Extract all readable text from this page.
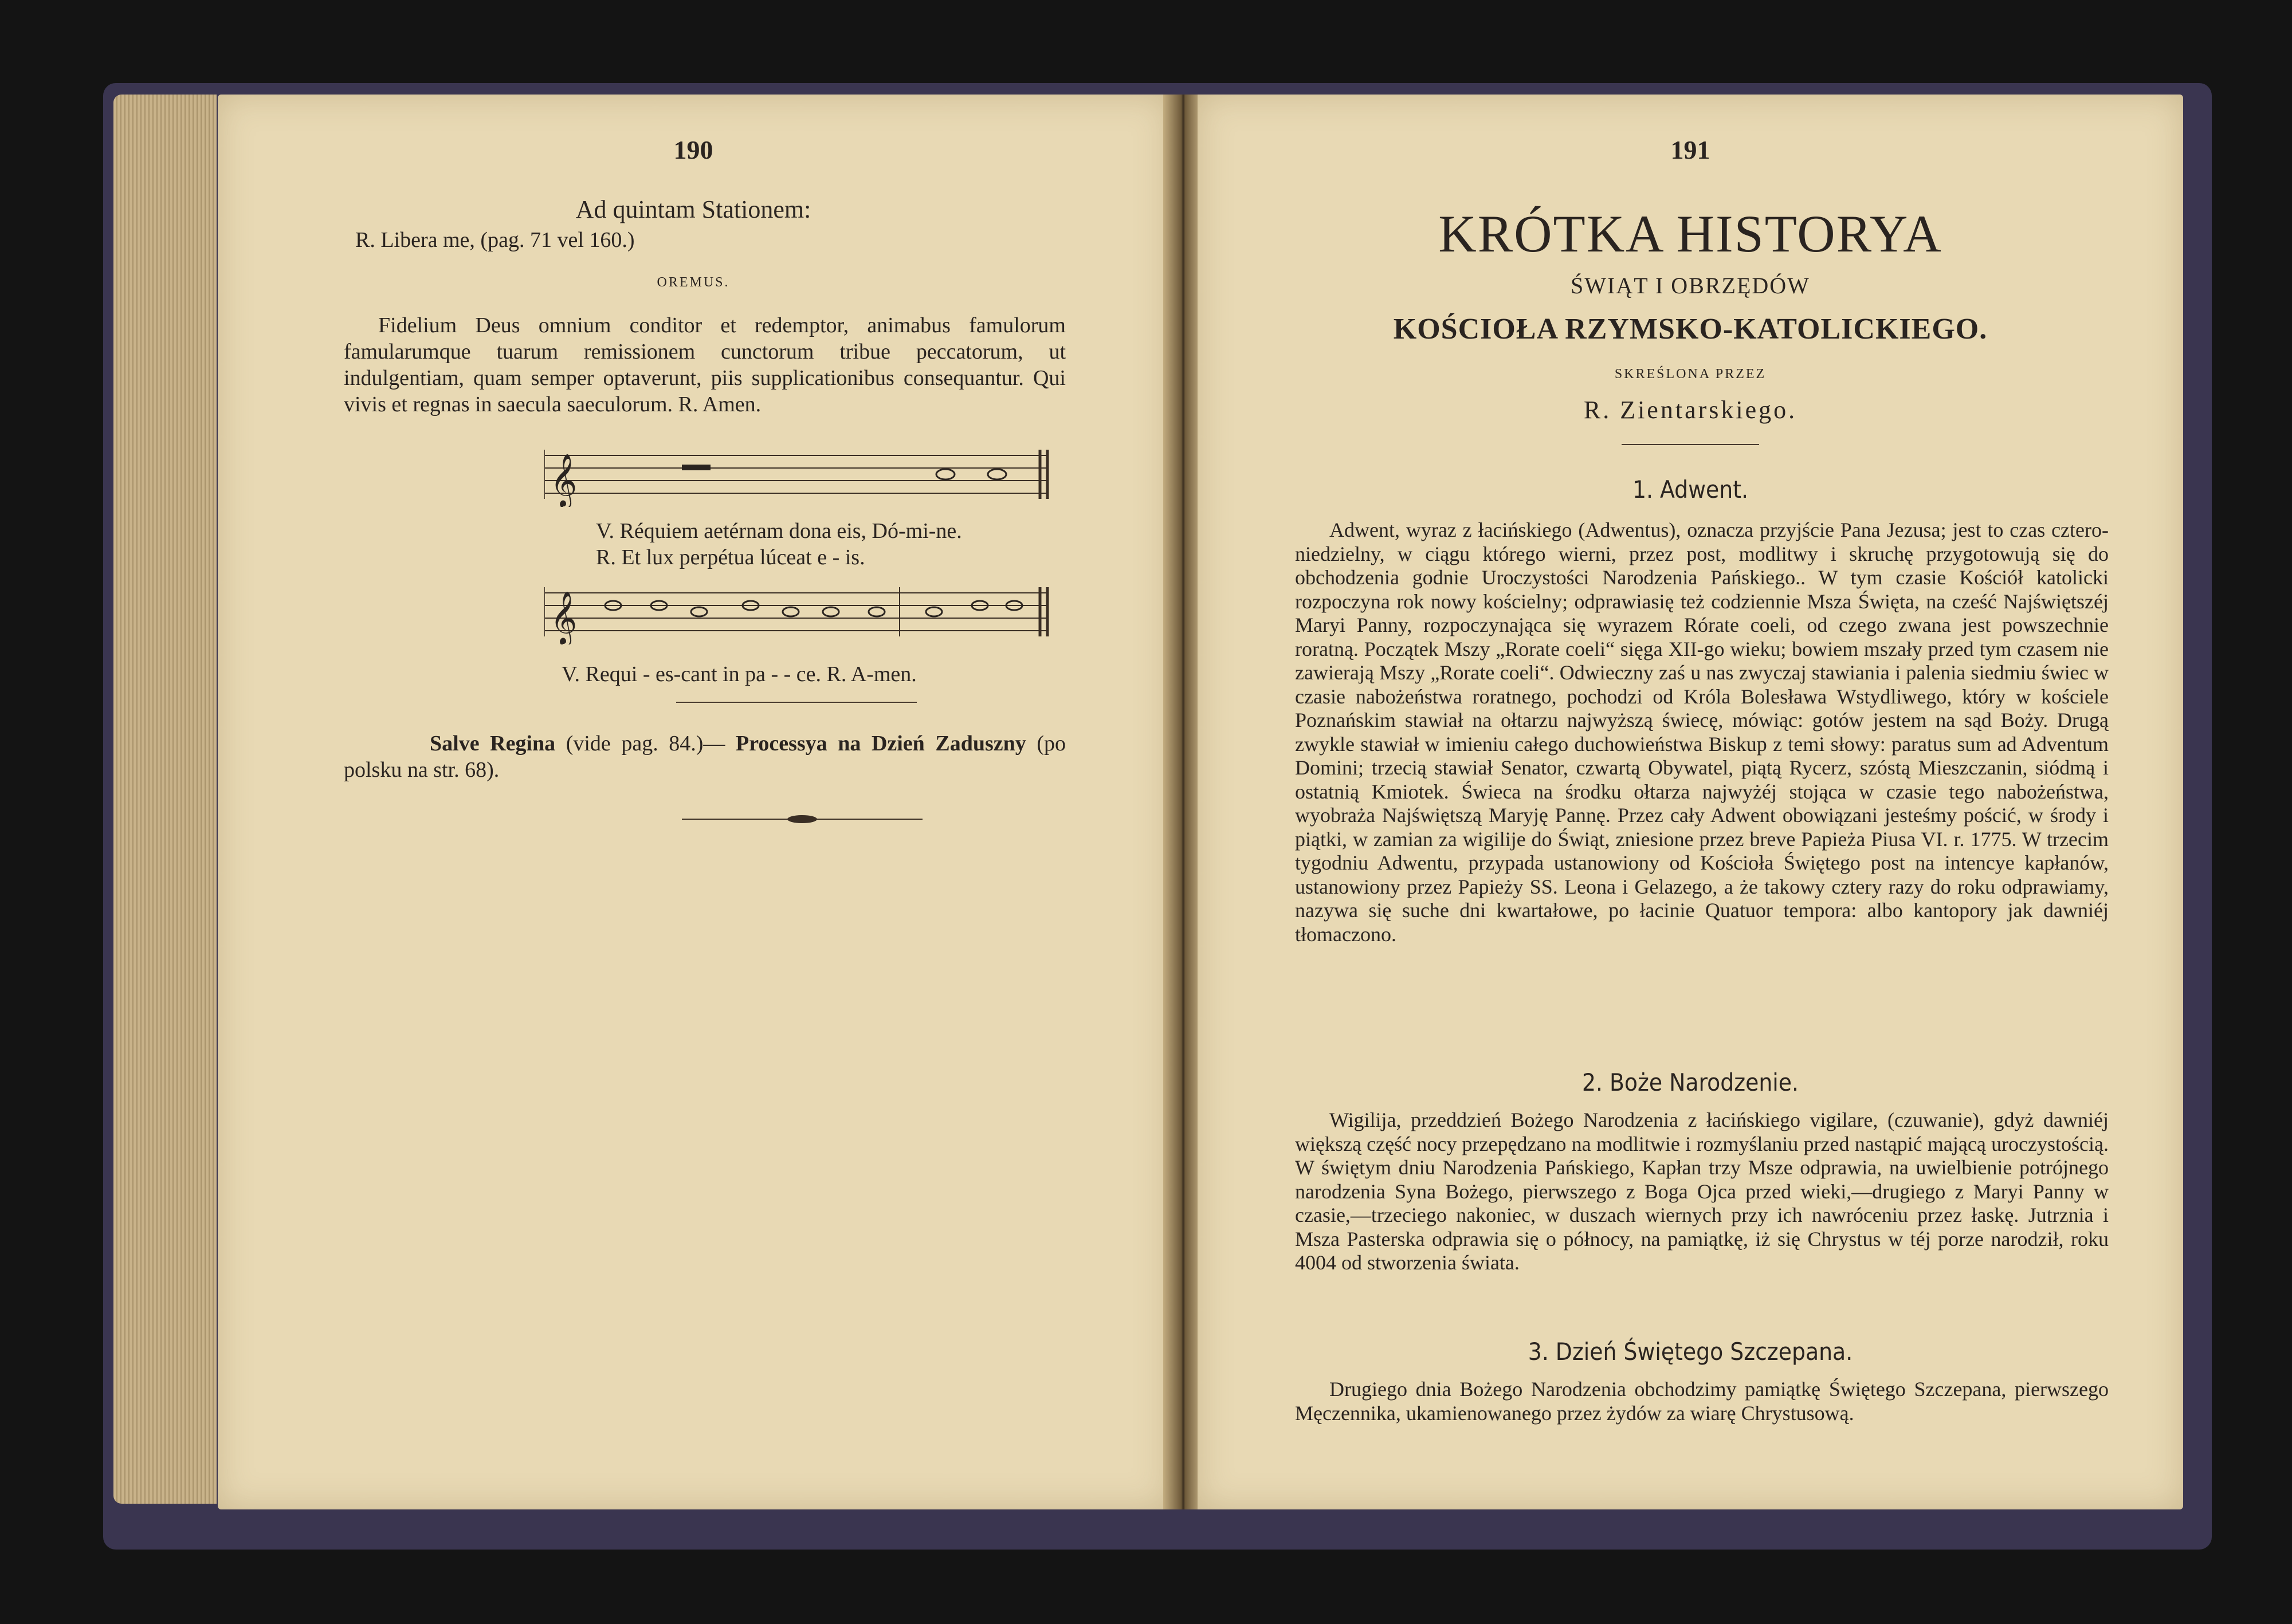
190
Ad quintam Stationem:
R. Libera me, (pag. 71 vel 160.)
OREMUS.
Fidelium Deus omnium conditor et redemptor, animabus famulorum famularumque tuarum remissionem cunctorum tribue peccatorum, ut indulgentiam, quam semper optaverunt, piis supplicationibus consequantur. Qui vivis et regnas in saecula saeculorum. R. Amen.
𝄞
V. Réquiem aetérnam dona eis, Dó-mi-ne.
R. Et lux perpétua lúceat e - is.
𝄞
V. Requi - es-cant in pa - - ce. R. A-men.
Salve Regina (vide pag. 84.)— Processya na Dzień Zaduszny (po polsku na str. 68).
191
KRÓTKA HISTORYA
ŚWIĄT I OBRZĘDÓW
KOŚCIOŁA RZYMSKO-KATOLICKIEGO.
SKREŚLONA PRZEZ
R. Zientarskiego.
1. Adwent.

Adwent, wyraz z łacińskiego (Adwentus), oznacza przyjście Pana Jezusa; jest to czas cztero-niedzielny, w ciągu którego wierni, przez post, modlitwy i skruchę przygotowują się do obchodzenia godnie Uroczystości Narodzenia Pańskiego.. W tym czasie Kościół katolicki rozpoczyna rok nowy kościelny; odprawiasię też codziennie Msza Święta, na cześć Najświętszéj Maryi Panny, rozpoczynająca się wyrazem Rórate coeli, od czego zwana jest powszechnie roratną. Początek Mszy „Rorate coeli“ sięga XII-go wieku; bowiem mszały przed tym czasem nie zawierają Mszy „Rorate coeli“. Odwieczny zaś u nas zwyczaj stawiania i palenia siedmiu świec w czasie nabożeństwa roratnego, pochodzi od Króla Bolesława Wstydliwego, który w kościele Poznańskim stawiał na ołtarzu najwyższą świecę, mówiąc: gotów jestem na sąd Boży. Drugą zwykle stawiał w imieniu całego duchowieństwa Biskup z temi słowy: paratus sum ad Adventum Domini; trzecią stawiał Senator, czwartą Obywatel, piątą Rycerz, szóstą Mieszczanin, siódmą i ostatnią Kmiotek. Świeca na środku ołtarza najwyżéj stojąca w czasie tego nabożeństwa, wyobraża Najświętszą Maryję Pannę. Przez cały Adwent obowiązani jesteśmy pościć, w środy i piątki, w zamian za wigilije do Świąt, zniesione przez breve Papieża Piusa VI. r. 1775. W trzecim tygodniu Adwentu, przypada ustanowiony od Kościoła Świętego post na intencye kapłanów, ustanowiony przez Papieży SS. Leona i Gelazego, a że takowy cztery razy do roku odprawiamy, nazywa się suche dni kwartałowe, po łacinie Quatuor tempora: albo kantopory jak dawniéj tłomaczono.

2. Boże Narodzenie.

Wigilija, przeddzień Bożego Narodzenia z łacińskiego vigilare, (czuwanie), gdyż dawniéj większą część nocy przepędzano na modlitwie i rozmyślaniu przed nastąpić mającą uroczystością. W świętym dniu Narodzenia Pańskiego, Kapłan trzy Msze odprawia, na uwielbienie potrójnego narodzenia Syna Bożego, pierwszego z Boga Ojca przed wieki,—drugiego z Maryi Panny w czasie,—trzeciego nakoniec, w duszach wiernych przy ich nawróceniu przez łaskę. Jutrznia i Msza Pasterska odprawia się o północy, na pamiątkę, iż się Chrystus w téj porze narodził, roku 4004 od stworzenia świata.

3. Dzień Świętego Szczepana.

Drugiego dnia Bożego Narodzenia obchodzimy pamiątkę Świętego Szczepana, pierwszego Męczennika, ukamienowanego przez żydów za wiarę Chrystusową.
